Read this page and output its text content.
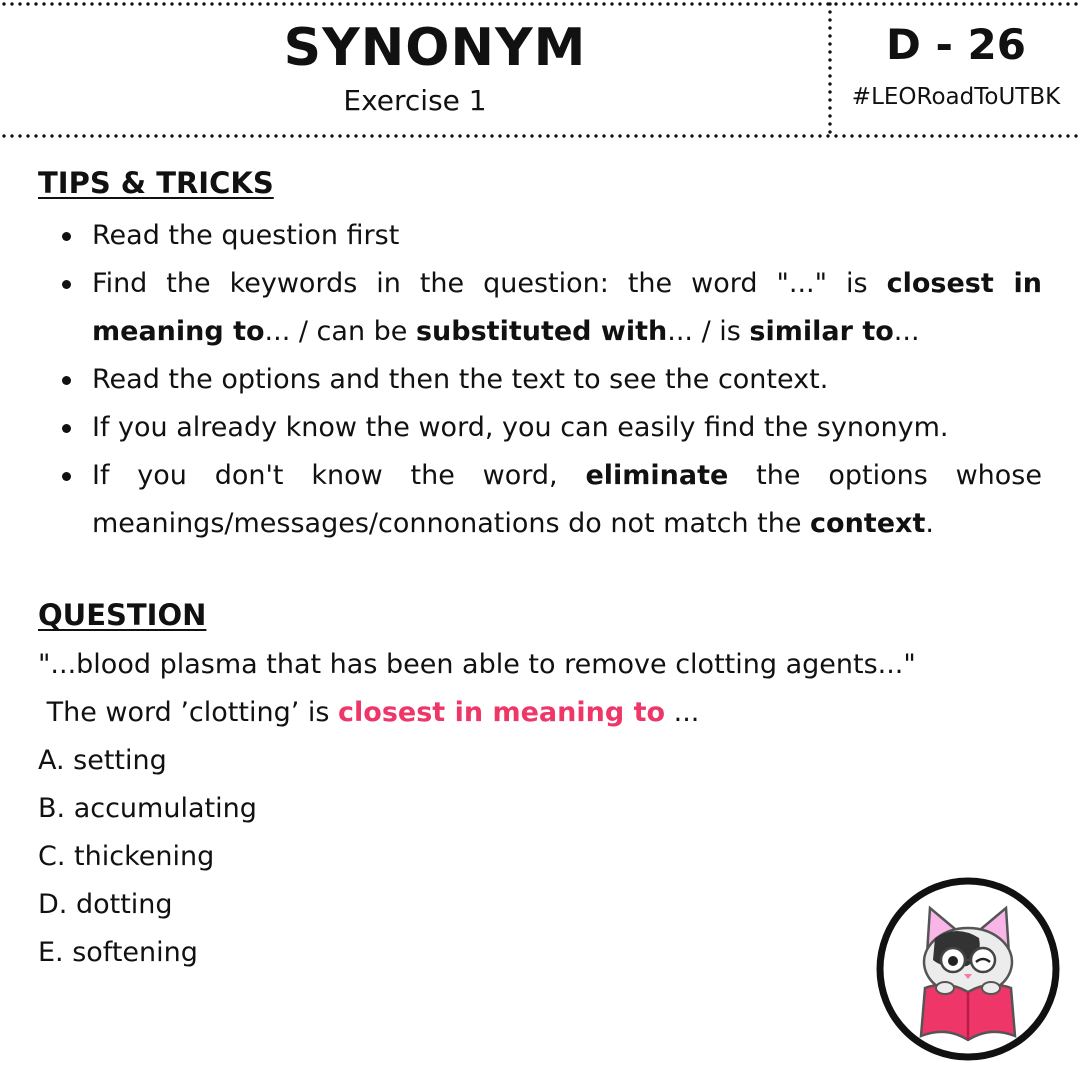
SYNONYM
Exercise 1
D - 26
#LEORoadToUTBK
TIPS & TRICKS
Read the question first
Find the keywords in the question: the word "..." is closest in meaning to... / can be substituted with... / is similar to...
Read the options and then the text to see the context.
If you already know the word, you can easily find the synonym.
If you don't know the word, eliminate the options whose meanings/messages/connonations do not match the context.
QUESTION
"...blood plasma that has been able to remove clotting agents..."
The word ’clotting’ is closest in meaning to ...
A. setting
B. accumulating
C. thickening
D. dotting
E. softening
